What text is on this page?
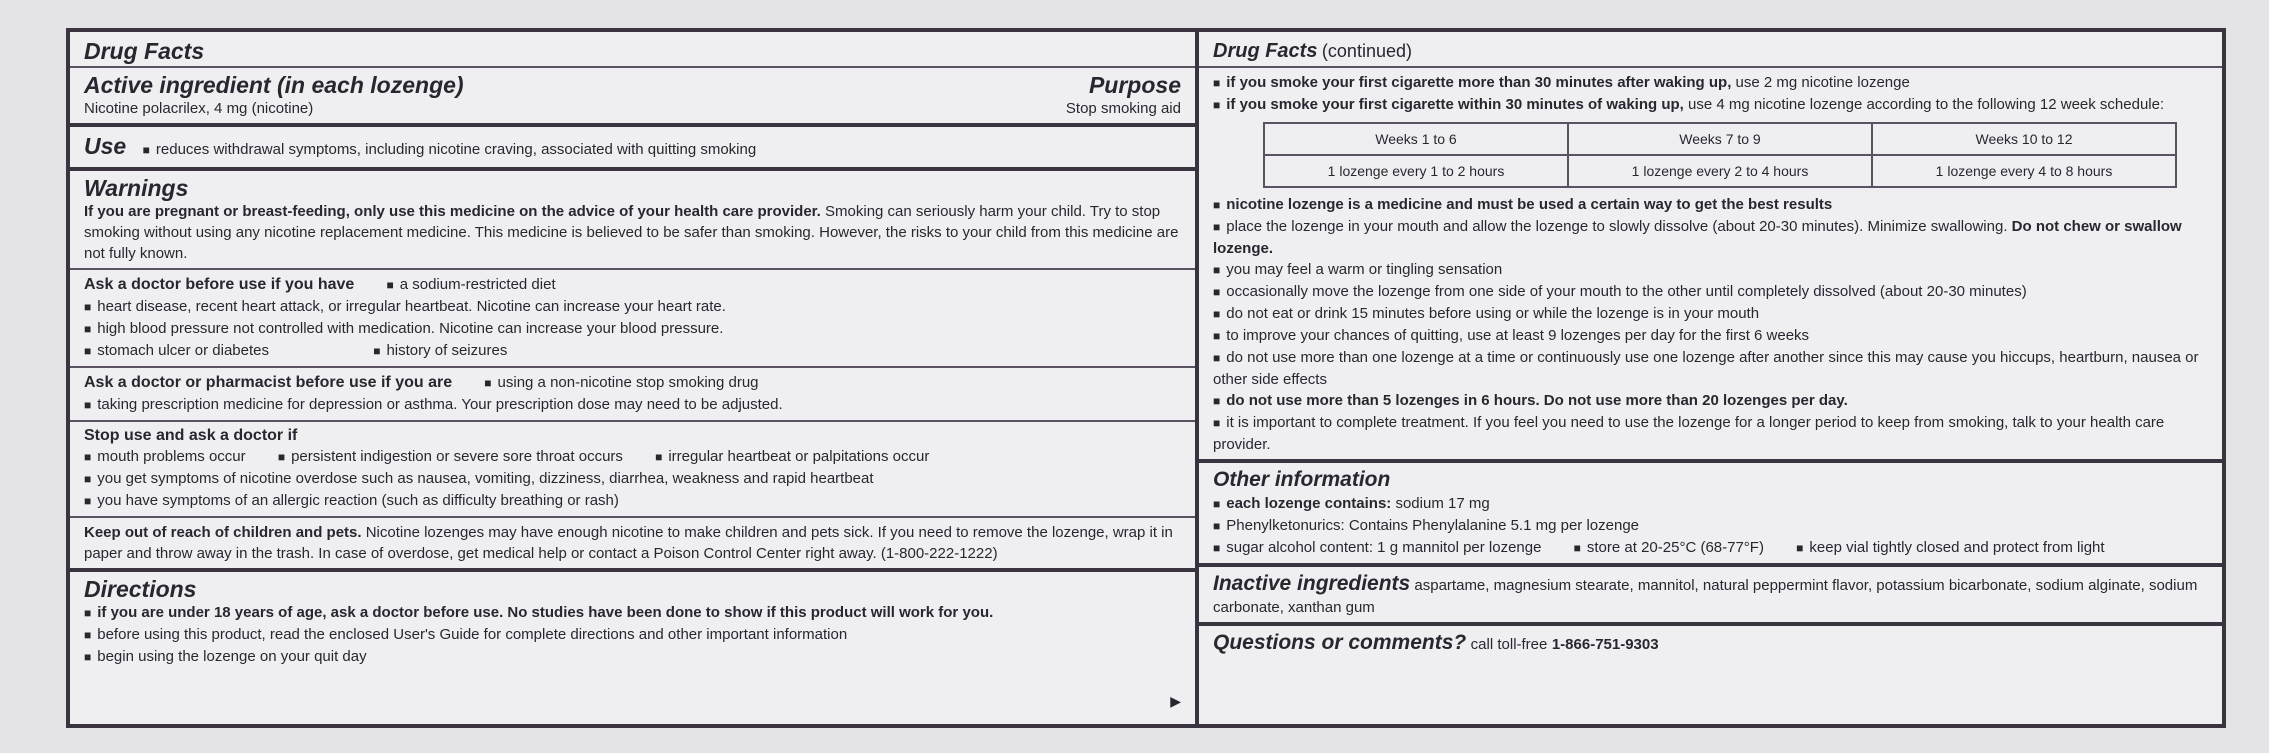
Drug Facts
Active ingredient (in each lozenge)	Purpose
Nicotine polacrilex, 4 mg (nicotine)	Stop smoking aid
Use ■ reduces withdrawal symptoms, including nicotine craving, associated with quitting smoking
Warnings
If you are pregnant or breast-feeding, only use this medicine on the advice of your health care provider. Smoking can seriously harm your child. Try to stop smoking without using any nicotine replacement medicine. This medicine is believed to be safer than smoking. However, the risks to your child from this medicine are not fully known.
Ask a doctor before use if you have	■ a sodium-restricted diet
■ heart disease, recent heart attack, or irregular heartbeat. Nicotine can increase your heart rate.
■ high blood pressure not controlled with medication. Nicotine can increase your blood pressure.
■ stomach ulcer or diabetes	■ history of seizures
Ask a doctor or pharmacist before use if you are	■ using a non-nicotine stop smoking drug
■ taking prescription medicine for depression or asthma. Your prescription dose may need to be adjusted.
Stop use and ask a doctor if
■ mouth problems occur	■ persistent indigestion or severe sore throat occurs	■ irregular heartbeat or palpitations occur
■ you get symptoms of nicotine overdose such as nausea, vomiting, dizziness, diarrhea, weakness and rapid heartbeat
■ you have symptoms of an allergic reaction (such as difficulty breathing or rash)
Keep out of reach of children and pets. Nicotine lozenges may have enough nicotine to make children and pets sick. If you need to remove the lozenge, wrap it in paper and throw away in the trash. In case of overdose, get medical help or contact a Poison Control Center right away. (1-800-222-1222)
Directions
■ if you are under 18 years of age, ask a doctor before use. No studies have been done to show if this product will work for you.
■ before using this product, read the enclosed User's Guide for complete directions and other important information
■ begin using the lozenge on your quit day
▶
Drug Facts (continued)
■ if you smoke your first cigarette more than 30 minutes after waking up, use 2 mg nicotine lozenge
■ if you smoke your first cigarette within 30 minutes of waking up, use 4 mg nicotine lozenge according to the following 12 week schedule:
Weeks 1 to 6	Weeks 7 to 9	Weeks 10 to 12
1 lozenge every 1 to 2 hours	1 lozenge every 2 to 4 hours	1 lozenge every 4 to 8 hours
■ nicotine lozenge is a medicine and must be used a certain way to get the best results
■ place the lozenge in your mouth and allow the lozenge to slowly dissolve (about 20-30 minutes). Minimize swallowing. Do not chew or swallow lozenge.
■ you may feel a warm or tingling sensation
■ occasionally move the lozenge from one side of your mouth to the other until completely dissolved (about 20-30 minutes)
■ do not eat or drink 15 minutes before using or while the lozenge is in your mouth
■ to improve your chances of quitting, use at least 9 lozenges per day for the first 6 weeks
■ do not use more than one lozenge at a time or continuously use one lozenge after another since this may cause you hiccups, heartburn, nausea or other side effects
■ do not use more than 5 lozenges in 6 hours. Do not use more than 20 lozenges per day.
■ it is important to complete treatment. If you feel you need to use the lozenge for a longer period to keep from smoking, talk to your health care provider.
Other information
■ each lozenge contains: sodium 17 mg
■ Phenylketonurics: Contains Phenylalanine 5.1 mg per lozenge
■ sugar alcohol content: 1 g mannitol per lozenge	■ store at 20-25°C (68-77°F)	■ keep vial tightly closed and protect from light
Inactive ingredients aspartame, magnesium stearate, mannitol, natural peppermint flavor, potassium bicarbonate, sodium alginate, sodium carbonate, xanthan gum
Questions or comments? call toll-free 1-866-751-9303
